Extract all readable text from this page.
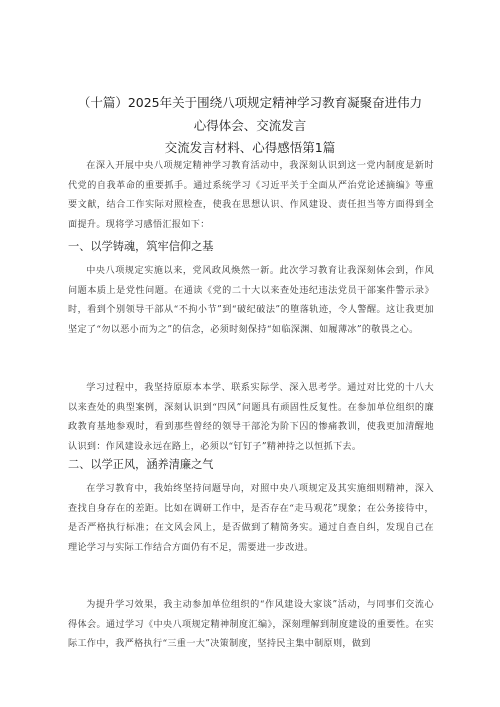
（十篇）2025年关于围绕八项规定精神学习教育凝聚奋进伟力
心得体会、交流发言
交流发言材料、心得感悟第1篇

在深入开展中央八项规定精神学习教育活动中，我深刻认识到这一党内制度是新时代党的自我革命的重要抓手。通过系统学习《习近平关于全面从严治党论述摘编》等重要文献，结合工作实际对照检查，使我在思想认识、作风建设、责任担当等方面得到全面提升。现将学习感悟汇报如下：

一、以学铸魂，筑牢信仰之基

中央八项规定实施以来，党风政风焕然一新。此次学习教育让我深刻体会到，作风问题本质上是党性问题。在通读《党的二十大以来查处违纪违法党员干部案件警示录》时，看到个别领导干部从“不拘小节”到“破纪破法”的堕落轨迹，令人警醒。这让我更加坚定了“勿以恶小而为之”的信念，必须时刻保持“如临深渊、如履薄冰”的敬畏之心。

学习过程中，我坚持原原本本学、联系实际学、深入思考学。通过对比党的十八大以来查处的典型案例，深刻认识到“四风”问题具有顽固性反复性。在参加单位组织的廉政教育基地参观时，看到那些曾经的领导干部沦为阶下囚的惨痛教训，使我更加清醒地认识到：作风建设永远在路上，必须以“钉钉子”精神持之以恒抓下去。

二、以学正风，涵养清廉之气

在学习教育中，我始终坚持问题导向，对照中央八项规定及其实施细则精神，深入查找自身存在的差距。比如在调研工作中，是否存在“走马观花”现象；在公务接待中，是否严格执行标准；在文风会风上，是否做到了精简务实。通过自查自纠，发现自己在理论学习与实际工作结合方面仍有不足，需要进一步改进。

为提升学习效果，我主动参加单位组织的“作风建设大家谈”活动，与同事们交流心得体会。通过学习《中央八项规定精神制度汇编》，深刻理解到制度建设的重要性。在实际工作中，我严格执行“三重一大”决策制度，坚持民主集中制原则，做到
